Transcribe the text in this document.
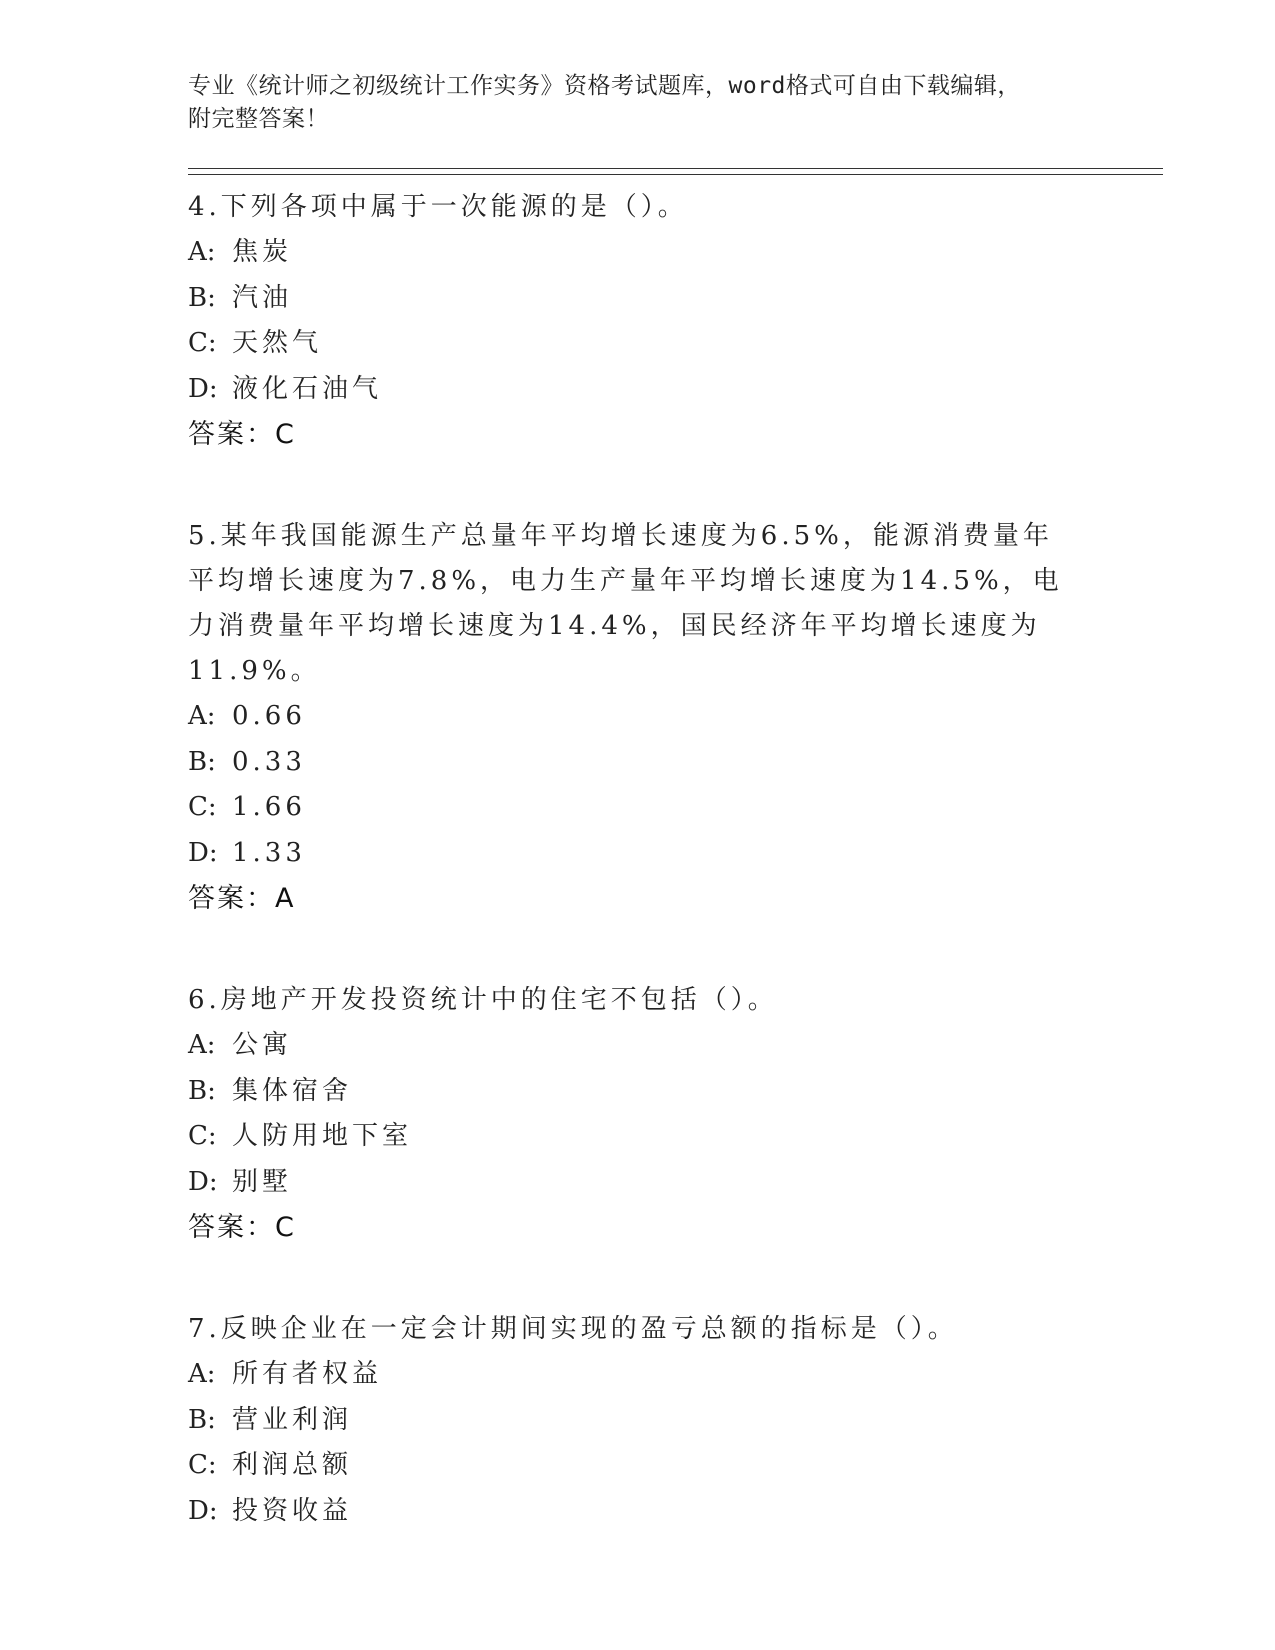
专业《统计师之初级统计工作实务》资格考试题库，word格式可自由下载编辑，
附完整答案！
4.下列各项中属于一次能源的是（）。
A: 焦炭
B: 汽油
C: 天然气
D: 液化石油气
答案：C
5.某年我国能源生产总量年平均增长速度为6.5%，能源消费量年平均增长速度为7.8%，电力生产量年平均增长速度为14.5%，电力消费量年平均增长速度为14.4%，国民经济年平均增长速度为11.9%。
A: 0.66
B: 0.33
C: 1.66
D: 1.33
答案：A
6.房地产开发投资统计中的住宅不包括（）。
A: 公寓
B: 集体宿舍
C: 人防用地下室
D: 别墅
答案：C
7.反映企业在一定会计期间实现的盈亏总额的指标是（）。
A: 所有者权益
B: 营业利润
C: 利润总额
D: 投资收益
